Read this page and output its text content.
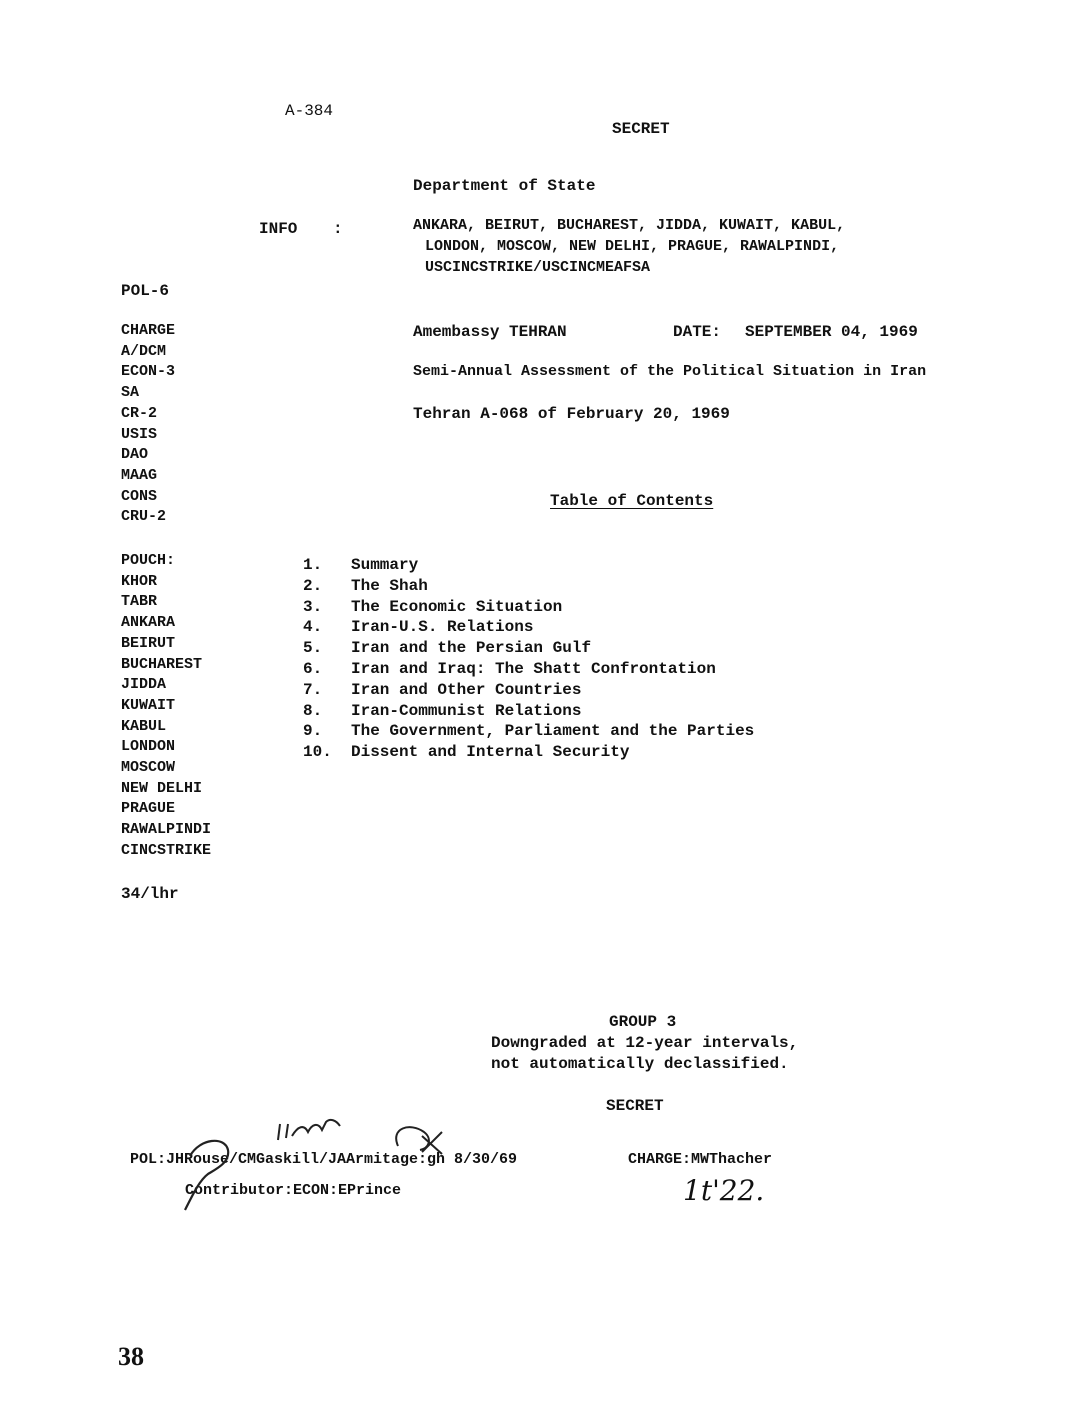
A-384
SECRET
Department of State
INFO :	ANKARA, BEIRUT, BUCHAREST, JIDDA, KUWAIT, KABUL,
LONDON, MOSCOW, NEW DELHI, PRAGUE, RAWALPINDI,
USCINCSTRIKE/USCINCMEAFSA
POL-6
CHARGE
A/DCM
ECON-3
SA
CR-2
USIS
DAO
MAAG
CONS
CRU-2
Amembassy TEHRAN	DATE: SEPTEMBER 04, 1969
Semi-Annual Assessment of the Political Situation in Iran
Tehran A-068 of February 20, 1969
Table of Contents
POUCH:
KHOR
TABR
ANKARA
BEIRUT
BUCHAREST
JIDDA
KUWAIT
KABUL
LONDON
MOSCOW
NEW DELHI
PRAGUE
RAWALPINDI
CINCSTRIKE
1.	Summary
2.	The Shah
3.	The Economic Situation
4.	Iran-U.S. Relations
5.	Iran and the Persian Gulf
6.	Iran and Iraq: The Shatt Confrontation
7.	Iran and Other Countries
8.	Iran-Communist Relations
9.	The Government, Parliament and the Parties
10.	Dissent and Internal Security
34/lhr
GROUP 3
Downgraded at 12-year intervals,
not automatically declassified.
SECRET
POL:JHRouse/CMGaskill/JAArmitage:gh 8/30/69	CHARGE:MWThacher
Contributor:ECON:EPrince	1t'22.
38
